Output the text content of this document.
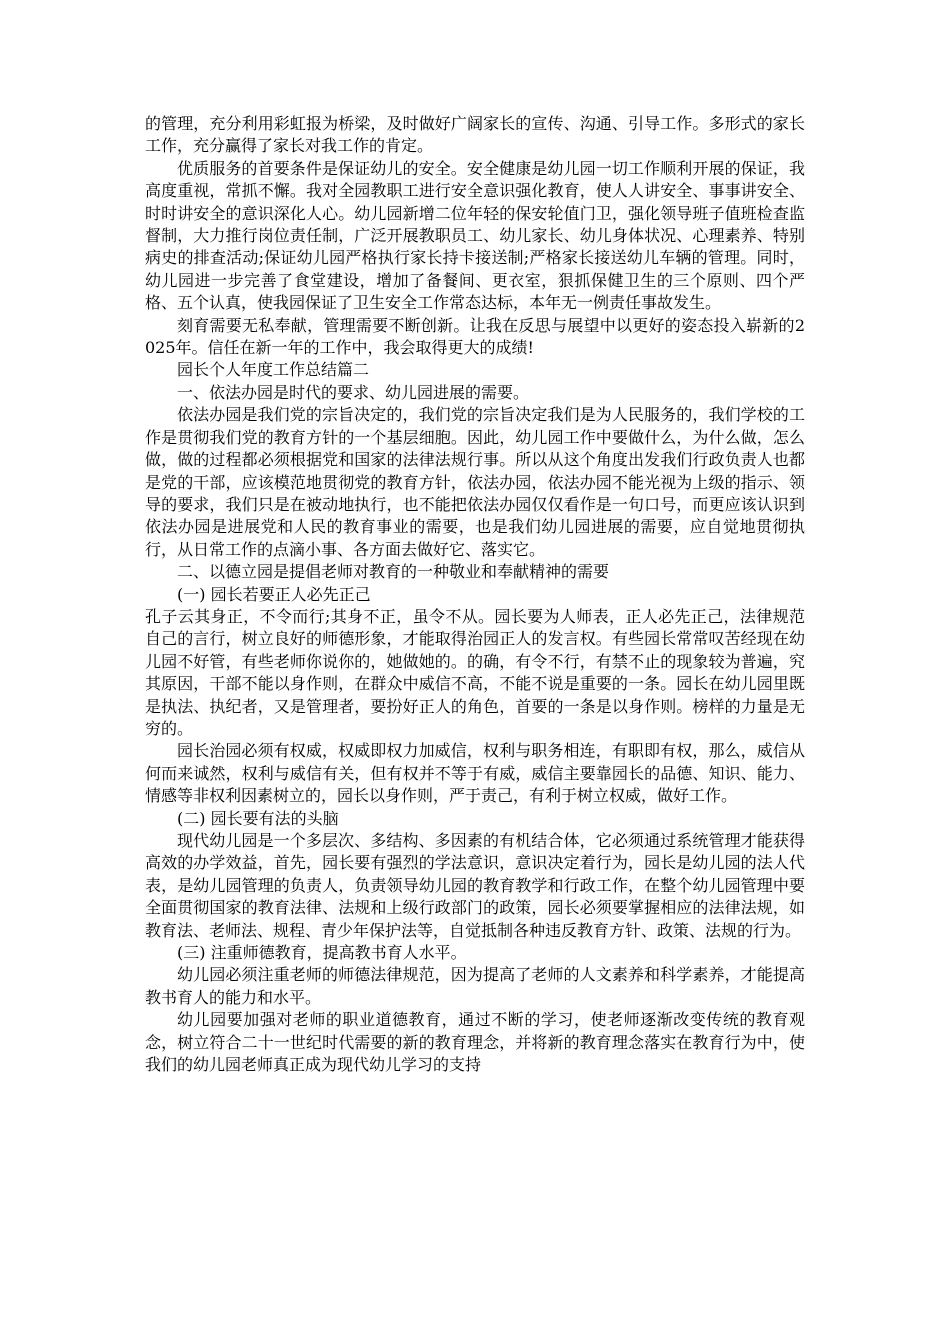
的管理，充分利用彩虹报为桥梁，及时做好广阔家长的宣传、沟通、引导工作。多形式的家长工作，充分赢得了家长对我工作的肯定。

优质服务的首要条件是保证幼儿的安全。安全健康是幼儿园一切工作顺利开展的保证，我高度重视，常抓不懈。我对全园教职工进行安全意识强化教育，使人人讲安全、事事讲安全、时时讲安全的意识深化人心。幼儿园新增二位年轻的保安轮值门卫，强化领导班子值班检查监督制，大力推行岗位责任制，广泛开展教职员工、幼儿家长、幼儿身体状况、心理素养、特别病史的排查活动;保证幼儿园严格执行家长持卡接送制;严格家长接送幼儿车辆的管理。同时，幼儿园进一步完善了食堂建设，增加了备餐间、更衣室，狠抓保健卫生的三个原则、四个严格、五个认真，使我园保证了卫生安全工作常态达标，本年无一例责任事故发生。

刻育需要无私奉献，管理需要不断创新。让我在反思与展望中以更好的姿态投入崭新的2025年。信任在新一年的工作中，我会取得更大的成绩!

园长个人年度工作总结篇二

一、依法办园是时代的要求、幼儿园进展的需要。

依法办园是我们党的宗旨决定的，我们党的宗旨决定我们是为人民服务的，我们学校的工作是贯彻我们党的教育方针的一个基层细胞。因此，幼儿园工作中要做什么，为什么做，怎么做，做的过程都必须根据党和国家的法律法规行事。所以从这个角度出发我们行政负责人也都是党的干部，应该模范地贯彻党的教育方针，依法办园，依法办园不能光视为上级的指示、领导的要求，我们只是在被动地执行，也不能把依法办园仅仅看作是一句口号，而更应该认识到依法办园是进展党和人民的教育事业的需要，也是我们幼儿园进展的需要，应自觉地贯彻执行，从日常工作的点滴小事、各方面去做好它、落实它。

二、以德立园是提倡老师对教育的一种敬业和奉献精神的需要

(一) 园长若要正人必先正己

孔子云其身正，不令而行;其身不正，虽令不从。园长要为人师表，正人必先正己，法律规范自己的言行，树立良好的师德形象，才能取得治园正人的发言权。有些园长常常叹苦经现在幼儿园不好管，有些老师你说你的，她做她的。的确，有令不行，有禁不止的现象较为普遍，究其原因，干部不能以身作则，在群众中威信不高，不能不说是重要的一条。园长在幼儿园里既是执法、执纪者，又是管理者，要扮好正人的角色，首要的一条是以身作则。榜样的力量是无穷的。

园长治园必须有权威，权威即权力加威信，权利与职务相连，有职即有权，那么，威信从何而来诚然，权利与威信有关，但有权并不等于有威，威信主要靠园长的品德、知识、能力、情感等非权利因素树立的，园长以身作则，严于责己，有利于树立权威，做好工作。

(二) 园长要有法的头脑

现代幼儿园是一个多层次、多结构、多因素的有机结合体，它必须通过系统管理才能获得高效的办学效益，首先，园长要有强烈的学法意识，意识决定着行为，园长是幼儿园的法人代表，是幼儿园管理的负责人，负责领导幼儿园的教育教学和行政工作，在整个幼儿园管理中要全面贯彻国家的教育法律、法规和上级行政部门的政策，园长必须要掌握相应的法律法规，如教育法、老师法、规程、青少年保护法等，自觉抵制各种违反教育方针、政策、法规的行为。

(三) 注重师德教育，提高教书育人水平。

幼儿园必须注重老师的师德法律规范，因为提高了老师的人文素养和科学素养，才能提高教书育人的能力和水平。

幼儿园要加强对老师的职业道德教育，通过不断的学习，使老师逐渐改变传统的教育观念，树立符合二十一世纪时代需要的新的教育理念，并将新的教育理念落实在教育行为中，使我们的幼儿园老师真正成为现代幼儿学习的支持
